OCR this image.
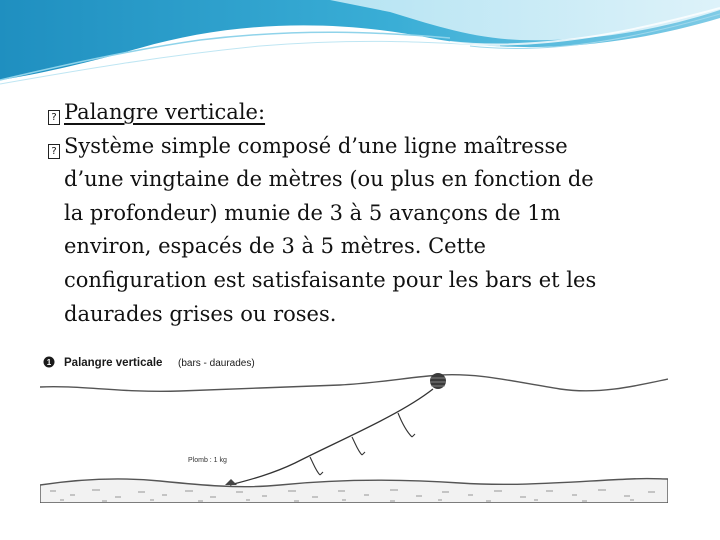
? Palangre verticale:
? Système simple composé d’une ligne maîtresse
d’une vingtaine de mètres (ou plus en fonction de
la profondeur) munie de 3 à 5 avançons de 1m
environ, espacés de 3 à 5 mètres. Cette
configuration est satisfaisante pour les bars et les
daurades grises ou roses.
1 Palangre verticale (bars - daurades)
Plomb : 1 kg
